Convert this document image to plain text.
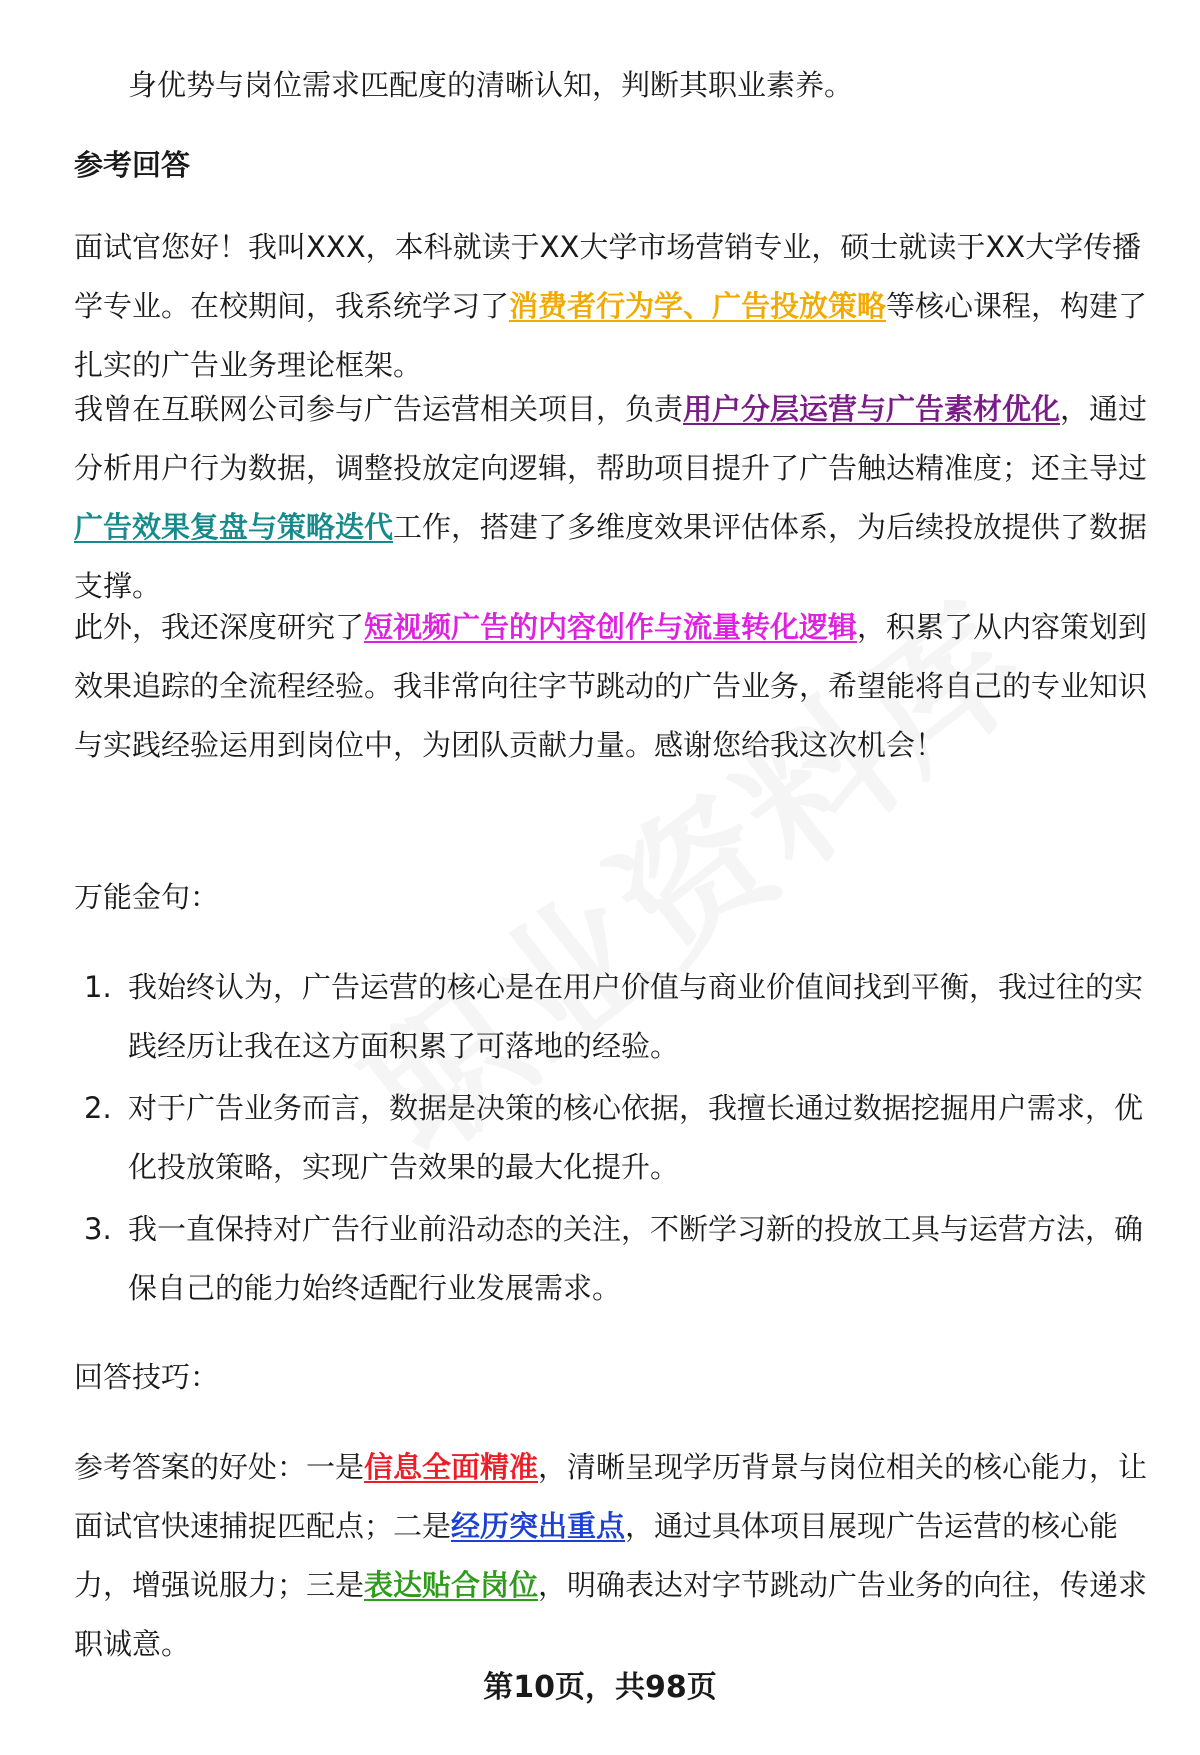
身优势与岗位需求匹配度的清晰认知，判断其职业素养。

参考回答

面试官您好！我叫XXX，本科就读于XX大学市场营销专业，硕士就读于XX大学传播学专业。在校期间，我系统学习了消费者行为学、广告投放策略等核心课程，构建了扎实的广告业务理论框架。

我曾在互联网公司参与广告运营相关项目，负责用户分层运营与广告素材优化，通过分析用户行为数据，调整投放定向逻辑，帮助项目提升了广告触达精准度；还主导过广告效果复盘与策略迭代工作，搭建了多维度效果评估体系，为后续投放提供了数据支撑。

此外，我还深度研究了短视频广告的内容创作与流量转化逻辑，积累了从内容策划到效果追踪的全流程经验。我非常向往字节跳动的广告业务，希望能将自己的专业知识与实践经验运用到岗位中，为团队贡献力量。感谢您给我这次机会！

万能金句：

1. 我始终认为，广告运营的核心是在用户价值与商业价值间找到平衡，我过往的实践经历让我在这方面积累了可落地的经验。
2. 对于广告业务而言，数据是决策的核心依据，我擅长通过数据挖掘用户需求，优化投放策略，实现广告效果的最大化提升。
3. 我一直保持对广告行业前沿动态的关注，不断学习新的投放工具与运营方法，确保自己的能力始终适配行业发展需求。

回答技巧：

参考答案的好处：一是信息全面精准，清晰呈现学历背景与岗位相关的核心能力，让面试官快速捕捉匹配点；二是经历突出重点，通过具体项目展现广告运营的核心能力，增强说服力；三是表达贴合岗位，明确表达对字节跳动广告业务的向往，传递求职诚意。

第10页，共98页
